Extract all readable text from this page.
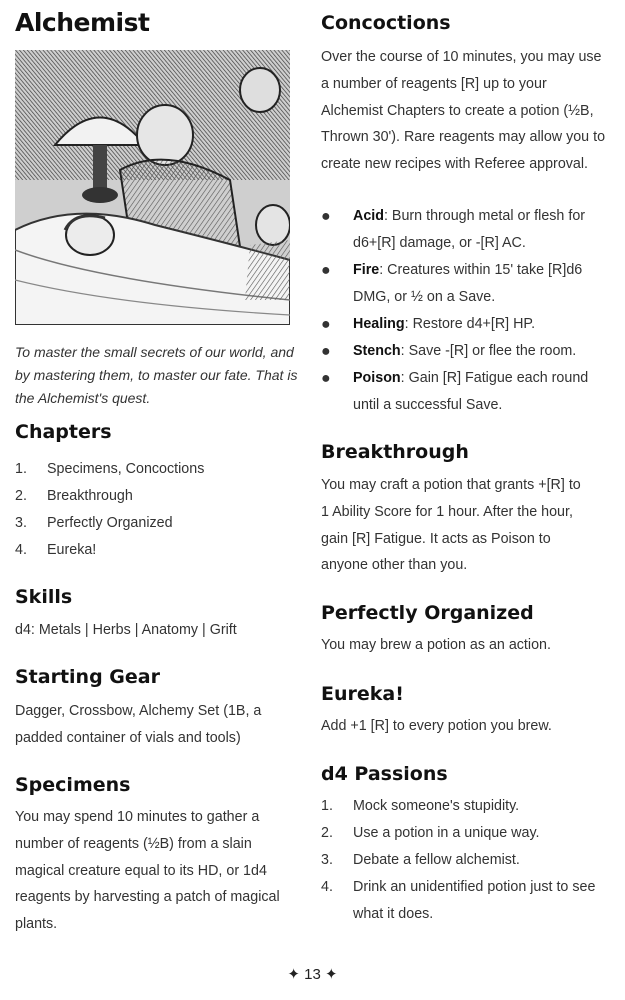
Alchemist
To master the small secrets of our world, and by mastering them, to master our fate. That is the Alchemist's quest.
Chapters
1. Specimens, Concoctions
2. Breakthrough
3. Perfectly Organized
4. Eureka!
Skills

d4: Metals | Herbs | Anatomy | Grift

Starting Gear

Dagger, Crossbow, Alchemy Set (1B, a padded container of vials and tools)

Specimens

You may spend 10 minutes to gather a number of reagents (½B) from a slain magical creature equal to its HD, or 1d4 reagents by harvesting a patch of magical plants.

Concoctions

Over the course of 10 minutes, you may use a number of reagents [R] up to your Alchemist Chapters to create a potion (½B, Thrown 30'). Rare reagents may allow you to create new recipes with Referee approval.

● Acid: Burn through metal or flesh for d6+[R] damage, or -[R] AC.
● Fire: Creatures within 15' take [R]d6 DMG, or ½ on a Save.
● Healing: Restore d4+[R] HP.
● Stench: Save -[R] or flee the room.
● Poison: Gain [R] Fatigue each round until a successful Save.
Breakthrough

You may craft a potion that grants +[R] to 1 Ability Score for 1 hour. After the hour, gain [R] Fatigue. It acts as Poison to anyone other than you.

Perfectly Organized

You may brew a potion as an action.

Eureka!

Add +1 [R] to every potion you brew.

d4 Passions
1. Mock someone's stupidity.
2. Use a potion in a unique way.
3. Debate a fellow alchemist.
4. Drink an unidentified potion just to see what it does.
✦ 13 ✦
